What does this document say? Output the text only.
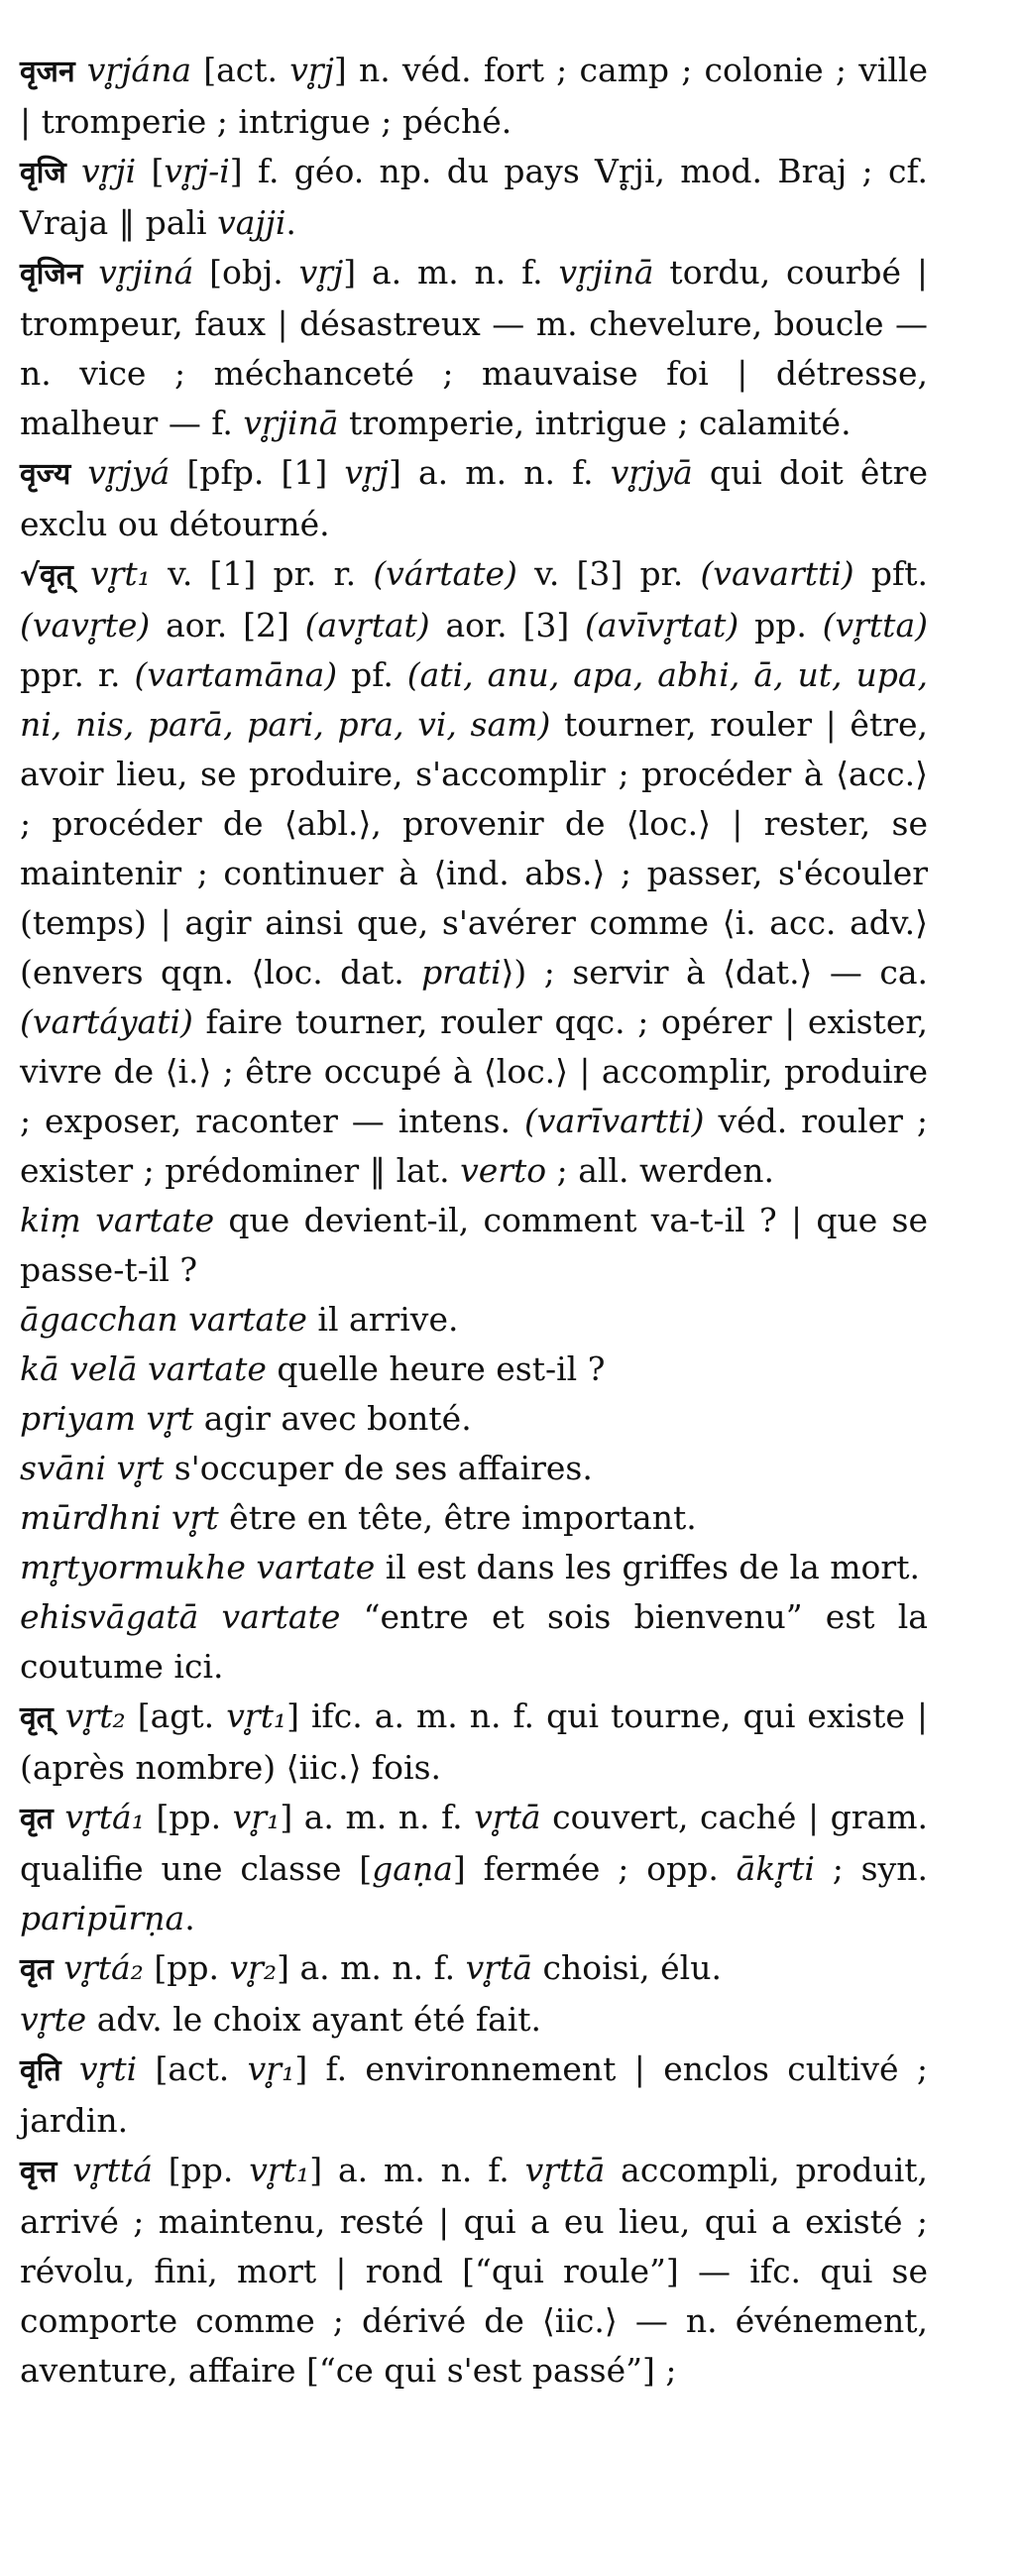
वृजन vr̥jána [act. vr̥j] n. véd. fort ; camp ; colonie ; ville | tromperie ; intrigue ; péché.

वृजि vr̥ji [vr̥j-i] f. géo. np. du pays Vr̥ji, mod. Braj ; cf. Vraja ‖ pali vajji.

वृजिन vr̥jiná [obj. vr̥j] a. m. n. f. vr̥jinā tordu, courbé | trompeur, faux | désastreux — m. chevelure, boucle — n. vice ; méchanceté ; mauvaise foi | détresse, malheur — f. vr̥jinā tromperie, intrigue ; calamité.

वृज्य vr̥jyá [pfp. [1] vr̥j] a. m. n. f. vr̥jyā qui doit être exclu ou détourné.

√वृत् vr̥t₁ v. [1] pr. r. (vártate) v. [3] pr. (vavartti) pft. (vavr̥te) aor. [2] (avr̥tat) aor. [3] (avīvr̥tat) pp. (vr̥tta) ppr. r. (vartamāna) pf. (ati, anu, apa, abhi, ā, ut, upa, ni, nis, parā, pari, pra, vi, sam) tourner, rouler | être, avoir lieu, se produire, s'accomplir ; procéder à ⟨acc.⟩ ; procéder de ⟨abl.⟩, provenir de ⟨loc.⟩ | rester, se maintenir ; continuer à ⟨ind. abs.⟩ ; passer, s'écouler (temps) | agir ainsi que, s'avérer comme ⟨i. acc. adv.⟩ (envers qqn. ⟨loc. dat. prati⟩) ; servir à ⟨dat.⟩ — ca. (vartáyati) faire tourner, rouler qqc. ; opérer | exister, vivre de ⟨i.⟩ ; être occupé à ⟨loc.⟩ | accomplir, produire ; exposer, raconter — intens. (varīvartti) véd. rouler ; exister ; prédominer ‖ lat. verto ; all. werden.

kiṃ vartate que devient-il, comment va-t-il ? | que se passe-t-il ?

āgacchan vartate il arrive.

kā velā vartate quelle heure est-il ?

priyam vr̥t agir avec bonté.

svāni vr̥t s'occuper de ses affaires.

mūrdhni vr̥t être en tête, être important.

mr̥tyormukhe vartate il est dans les griffes de la mort.

ehisvāgatā vartate “entre et sois bienvenu” est la coutume ici.

वृत् vr̥t₂ [agt. vr̥t₁] ifc. a. m. n. f. qui tourne, qui existe | (après nombre) ⟨iic.⟩ fois.

वृत vr̥tá₁ [pp. vr̥₁] a. m. n. f. vr̥tā couvert, caché | gram. qualifie une classe [gaṇa] fermée ; opp. ākr̥ti ; syn. paripūrṇa.

वृत vr̥tá₂ [pp. vr̥₂] a. m. n. f. vr̥tā choisi, élu.

vr̥te adv. le choix ayant été fait.

वृति vr̥ti [act. vr̥₁] f. environnement | enclos cultivé ; jardin.

वृत्त vr̥ttá [pp. vr̥t₁] a. m. n. f. vr̥ttā accompli, produit, arrivé ; maintenu, resté | qui a eu lieu, qui a existé ; révolu, fini, mort | rond [“qui roule”] — ifc. qui se comporte comme ; dérivé de ⟨iic.⟩ — n. événement, aventure, affaire [“ce qui s'est passé”] ;
